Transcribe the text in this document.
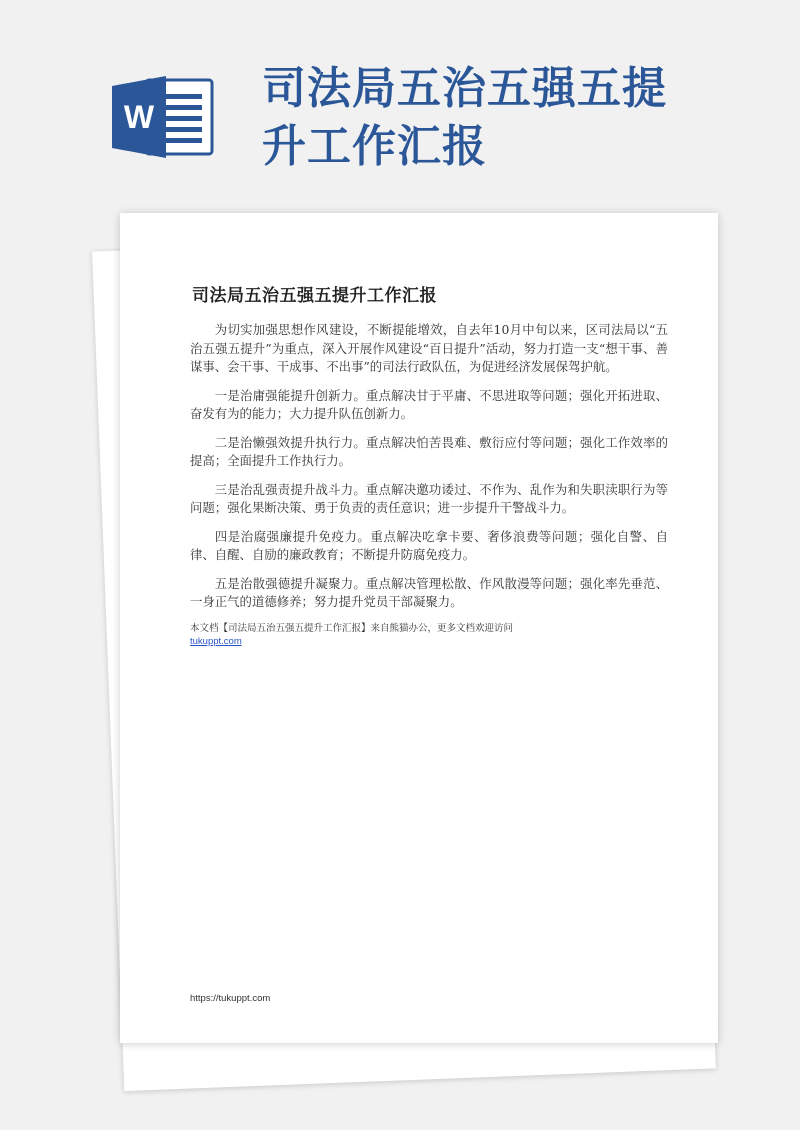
W
司法局五治五强五提升工作汇报
司法局五治五强五提升工作汇报

为切实加强思想作风建设，不断提能增效，自去年10月中旬以来，区司法局以“五治五强五提升”为重点，深入开展作风建设“百日提升”活动，努力打造一支“想干事、善谋事、会干事、干成事、不出事”的司法行政队伍，为促进经济发展保驾护航。

一是治庸强能提升创新力。重点解决甘于平庸、不思进取等问题；强化开拓进取、奋发有为的能力；大力提升队伍创新力。

二是治懒强效提升执行力。重点解决怕苦畏难、敷衍应付等问题；强化工作效率的提高；全面提升工作执行力。

三是治乱强责提升战斗力。重点解决邀功诿过、不作为、乱作为和失职渎职行为等问题；强化果断决策、勇于负责的责任意识；进一步提升干警战斗力。

四是治腐强廉提升免疫力。重点解决吃拿卡要、奢侈浪费等问题；强化自警、自律、自醒、自励的廉政教育；不断提升防腐免疫力。

五是治散强德提升凝聚力。重点解决管理松散、作风散漫等问题；强化率先垂范、一身正气的道德修养；努力提升党员干部凝聚力。

本文档【司法局五治五强五提升工作汇报】来自熊猫办公，更多文档欢迎访问
tukuppt.com
https://tukuppt.com
